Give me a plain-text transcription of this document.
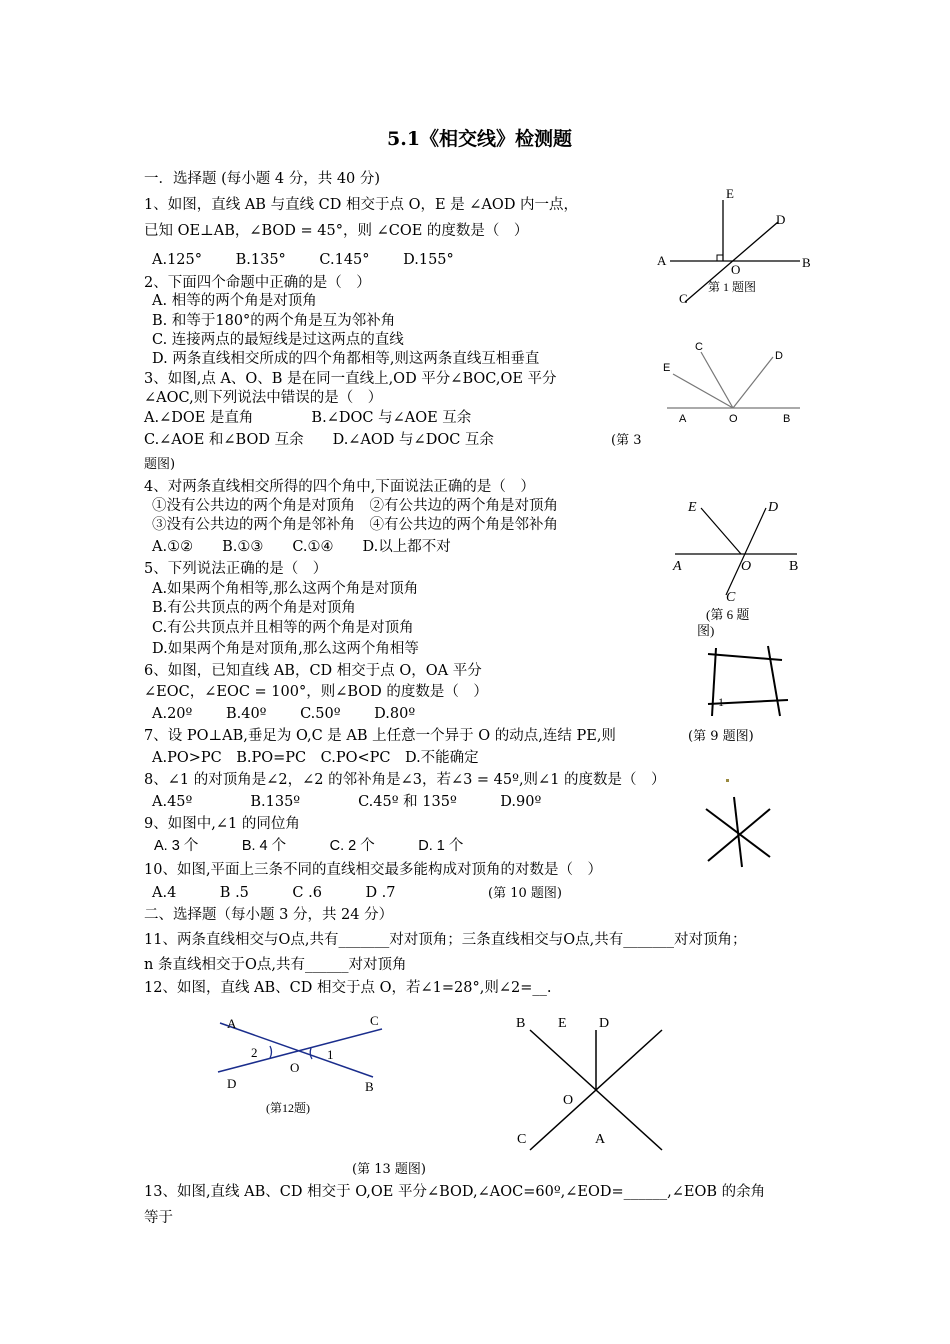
5.1《相交线》检测题
一．选择题 (每小题 4 分，共 40 分)
1、如图，直线 AB 与直线 CD 相交于点 O，E 是 ∠AOD 内一点，
已知 OE⊥AB，∠BOD = 45°，则 ∠COE 的度数是（　）
A.125°　　 B.135°　　 C.145°　　 D.155°
2、下面四个命题中正确的是（　）
A. 相等的两个角是对顶角
B. 和等于180°的两个角是互为邻补角
C. 连接两点的最短线是过这两点的直线
D. 两条直线相交所成的四个角都相等,则这两条直线互相垂直
3、如图,点 A、O、B 是在同一直线上,OD 平分∠BOC,OE 平分
∠AOC,则下列说法中错误的是（　）
A.∠DOE 是直角　　　　B.∠DOC 与∠AOE 互余
C.∠AOE 和∠BOD 互余　　D.∠AOD 与∠DOC 互余	(第 3
题图)
4、对两条直线相交所得的四个角中,下面说法正确的是（　）
①没有公共边的两个角是对顶角　②有公共边的两个角是对顶角
③没有公共边的两个角是邻补角　④有公共边的两个角是邻补角
A.①②　　B.①③　　C.①④　　D.以上都不对
5、下列说法正确的是（　）
A.如果两个角相等,那么这两个角是对顶角
B.有公共顶点的两个角是对顶角
C.有公共顶点并且相等的两个角是对顶角
D.如果两个角是对顶角,那么这两个角相等
6、如图，已知直线 AB，CD 相交于点 O，OA 平分
∠EOC，∠EOC = 100°，则∠BOD 的度数是（　）
A.20º　　 B.40º　　 C.50º　　 D.80º
7、设 PO⊥AB,垂足为 O,C 是 AB 上任意一个异于 O 的动点,连结 PE,则	(第 9 题图)
A.PO>PC　B.PO=PC　C.PO<PC　D.不能确定
8、∠1 的对顶角是∠2，∠2 的邻补角是∠3，若∠3 = 45º,则∠1 的度数是（　）
A.45º　　　　B.135º　　　　C.45º 和 135º　　　D.90º
9、如图中,∠1 的同位角
A. 3 个　　　B. 4 个　　　C. 2 个　　　D. 1 个
10、如图,平面上三条不同的直线相交最多能构成对顶角的对数是（　）
A.4　　　B .5　　　C .6　　　D .7	(第 10 题图)
二、选择题（每小题 3 分，共 24 分）
11、两条直线相交与O点,共有_______对对顶角；三条直线相交与O点,共有_______对对顶角；
n 条直线相交于O点,共有______对对顶角
12、如图，直线 AB、CD 相交于点 O，若∠1=28°,则∠2=__.
13、如图,直线 AB、CD 相交于 O,OE 平分∠BOD,∠AOC=60º,∠EOD=______,∠EOB 的余角
等于
E
D
A
O	B
C
第 1 题图
C
D
E
A	O	B
E	D
A	O	B
C
(第 6 题
图)
1
A	C
2	1
O
D	B
(第12题)
B E D
O
C	A
(第 13 题图)
